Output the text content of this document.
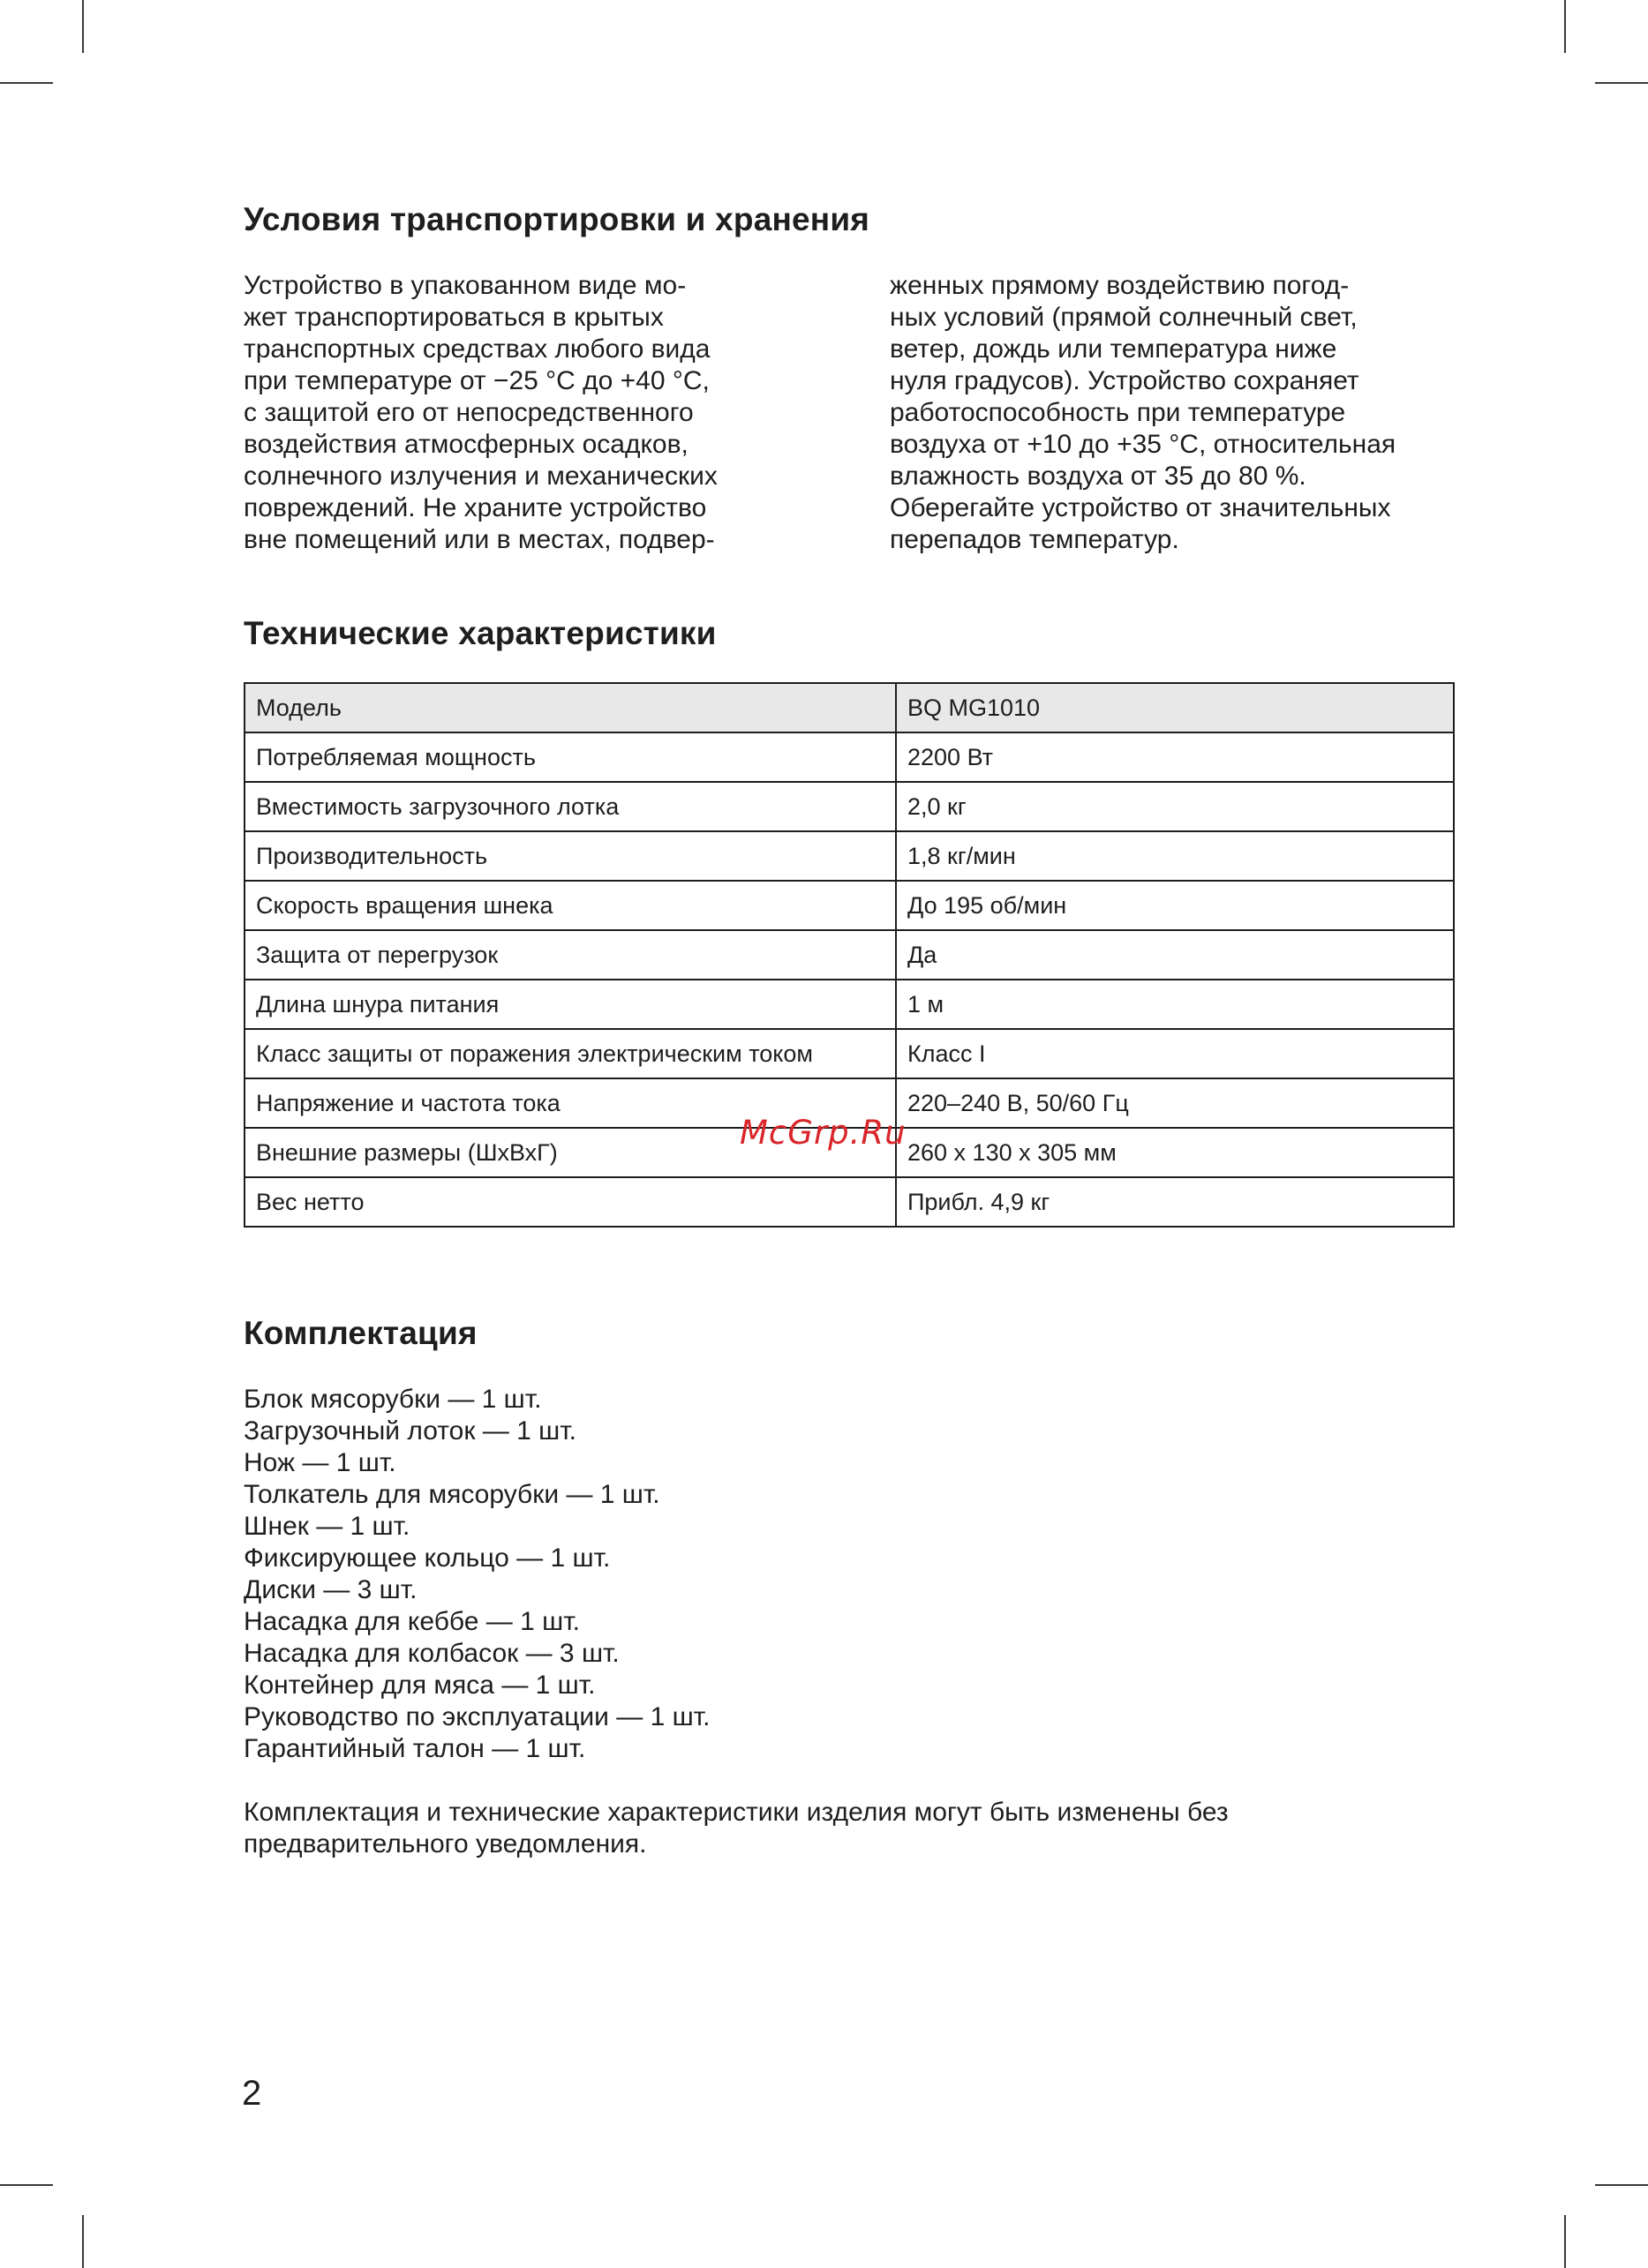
Условия транспортировки и хранения
Устройство в упакованном виде мо-
жет транспортироваться в крытых
транспортных средствах любого вида
при температуре от −25 °C до +40 °C,
с защитой его от непосредственного
воздействия атмосферных осадков,
солнечного излучения и механических
повреждений. Не храните устройство
вне помещений или в местах, подвер-
женных прямому воздействию погод-
ных условий (прямой солнечный свет,
ветер, дождь или температура ниже
нуля градусов). Устройство сохраняет
работоспособность при температуре
воздуха от +10 до +35 °C, относительная
влажность воздуха от 35 до 80 %.
Оберегайте устройство от значительных
перепадов температур.
Технические характеристики
Модель	BQ MG1010
Потребляемая мощность	2200 Вт
Вместимость загрузочного лотка	2,0 кг
Производительность	1,8 кг/мин
Скорость вращения шнека	До 195 об/мин
Защита от перегрузок	Да
Длина шнура питания	1 м
Класс защиты от поражения электрическим током	Класс I
Напряжение и частота тока	220–240 В, 50/60 Гц
Внешние размеры (ШхВхГ)	260 x 130 x 305 мм
Вес нетто	Прибл. 4,9 кг
McGrp.Ru
Комплектация
Блок мясорубки — 1 шт.
Загрузочный лоток — 1 шт.
Нож — 1 шт.
Толкатель для мясорубки — 1 шт.
Шнек — 1 шт.
Фиксирующее кольцо — 1 шт.
Диски — 3 шт.
Насадка для кеббе — 1 шт.
Насадка для колбасок — 3 шт.
Контейнер для мяса — 1 шт.
Руководство по эксплуатации — 1 шт.
Гарантийный талон — 1 шт.
Комплектация и технические характеристики изделия могут быть изменены без
предварительного уведомления.
2
